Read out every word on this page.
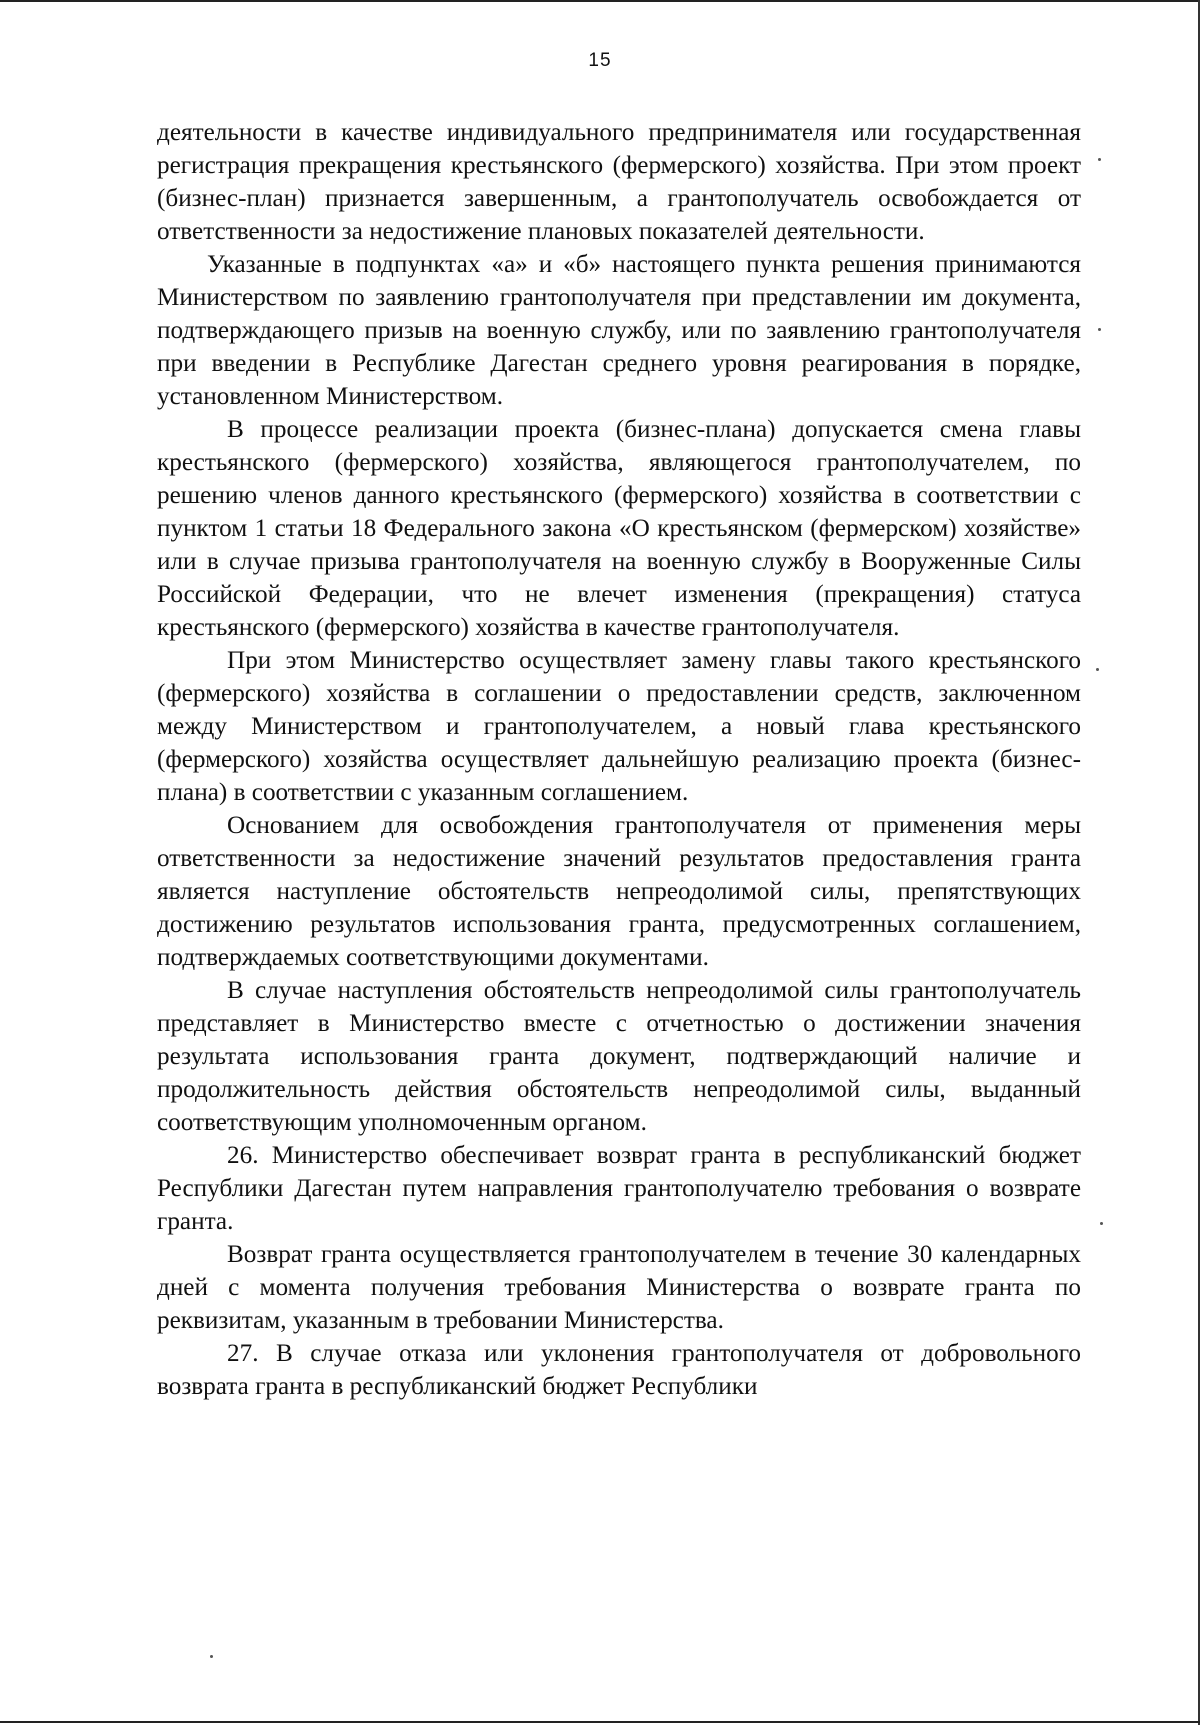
15

деятельности в качестве индивидуального предпринимателя или государственная регистрация прекращения крестьянского (фермерского) хозяйства. При этом проект (бизнес-план) признается завершенным, а грантополучатель освобождается от ответственности за недостижение плановых показателей деятельности.

Указанные в подпунктах «а» и «б» настоящего пункта решения принимаются Министерством по заявлению грантополучателя при представлении им документа, подтверждающего призыв на военную службу, или по заявлению грантополучателя при введении в Республике Дагестан среднего уровня реагирования в порядке, установленном Министерством.

В процессе реализации проекта (бизнес-плана) допускается смена главы крестьянского (фермерского) хозяйства, являющегося грантополучателем, по решению членов данного крестьянского (фермерского) хозяйства в соответствии с пунктом 1 статьи 18 Федерального закона «О крестьянском (фермерском) хозяйстве» или в случае призыва грантополучателя на военную службу в Вооруженные Силы Российской Федерации, что не влечет изменения (прекращения) статуса крестьянского (фермерского) хозяйства в качестве грантополучателя.

При этом Министерство осуществляет замену главы такого крестьянского (фермерского) хозяйства в соглашении о предоставлении средств, заключенном между Министерством и грантополучателем, а новый глава крестьянского (фермерского) хозяйства осуществляет дальнейшую реализацию проекта (бизнес-плана) в соответствии с указанным соглашением.

Основанием для освобождения грантополучателя от применения меры ответственности за недостижение значений результатов предоставления гранта является наступление обстоятельств непреодолимой силы, препятствующих достижению результатов использования гранта, предусмотренных соглашением, подтверждаемых соответствующими документами.

В случае наступления обстоятельств непреодолимой силы грантополучатель представляет в Министерство вместе с отчетностью о достижении значения результата использования гранта документ, подтверждающий наличие и продолжительность действия обстоятельств непреодолимой силы, выданный соответствующим уполномоченным органом.

26. Министерство обеспечивает возврат гранта в республиканский бюджет Республики Дагестан путем направления грантополучателю требования о возврате гранта.

Возврат гранта осуществляется грантополучателем в течение 30 календарных дней с момента получения требования Министерства о возврате гранта по реквизитам, указанным в требовании Министерства.

27. В случае отказа или уклонения грантополучателя от добровольного возврата гранта в республиканский бюджет Республики
